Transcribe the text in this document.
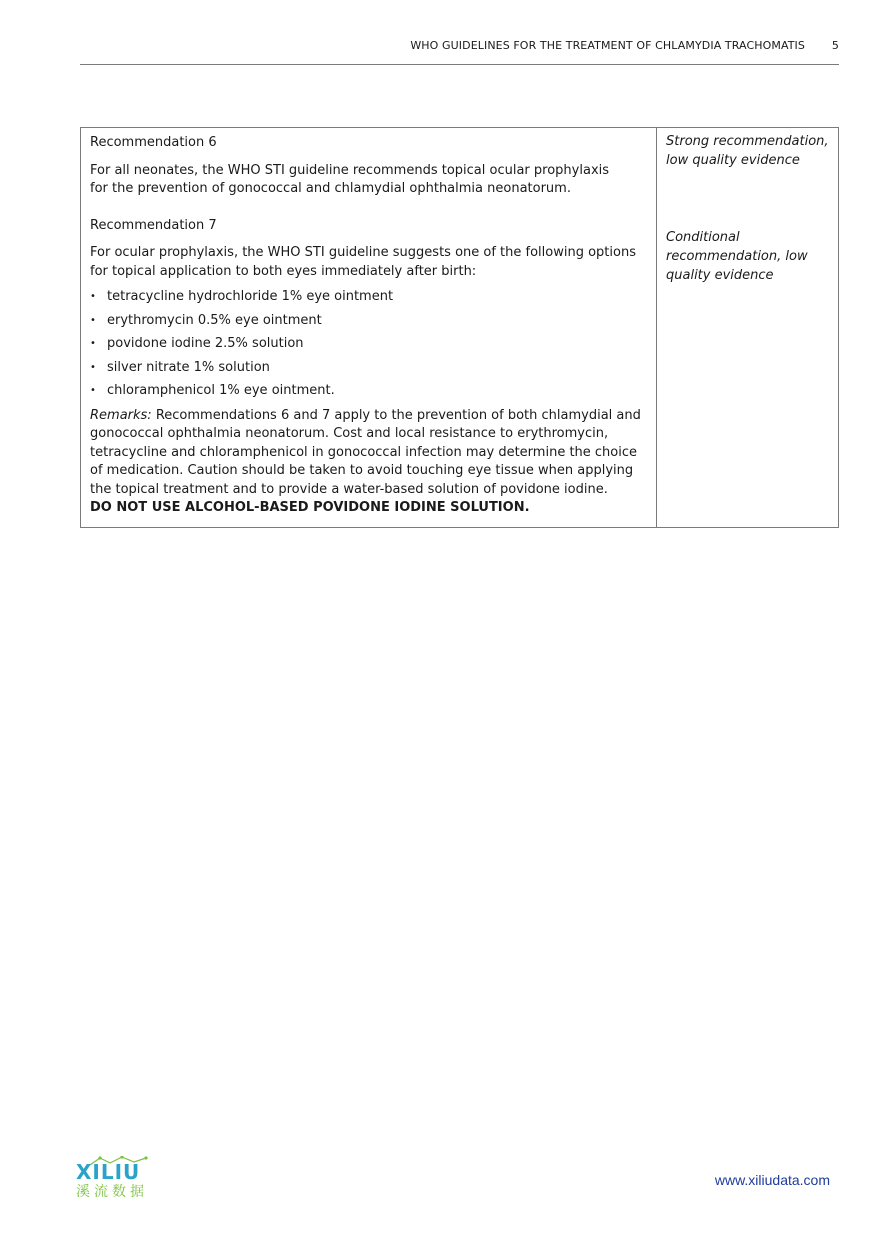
WHO GUIDELINES FOR THE TREATMENT OF CHLAMYDIA TRACHOMATIS 5

Recommendation 6

For all neonates, the WHO STI guideline recommends topical ocular prophylaxis

for the prevention of gonococcal and chlamydial ophthalmia neonatorum.

Recommendation 7

For ocular prophylaxis, the WHO STI guideline suggests one of the following options

for topical application to both eyes immediately after birth:

• tetracycline hydrochloride 1% eye ointment
• erythromycin 0.5% eye ointment
• povidone iodine 2.5% solution
• silver nitrate 1% solution
• chloramphenicol 1% eye ointment.

Remarks: Recommendations 6 and 7 apply to the prevention of both chlamydial and

gonococcal ophthalmia neonatorum. Cost and local resistance to erythromycin,

tetracycline and chloramphenicol in gonococcal infection may determine the choice

of medication. Caution should be taken to avoid touching eye tissue when applying

the topical treatment and to provide a water-based solution of povidone iodine.

DO NOT USE ALCOHOL-BASED POVIDONE IODINE SOLUTION.

Strong recommendation,
low quality evidence
Conditional
recommendation, low
quality evidence
XILIU
溪流数据
www.xiliudata.com
